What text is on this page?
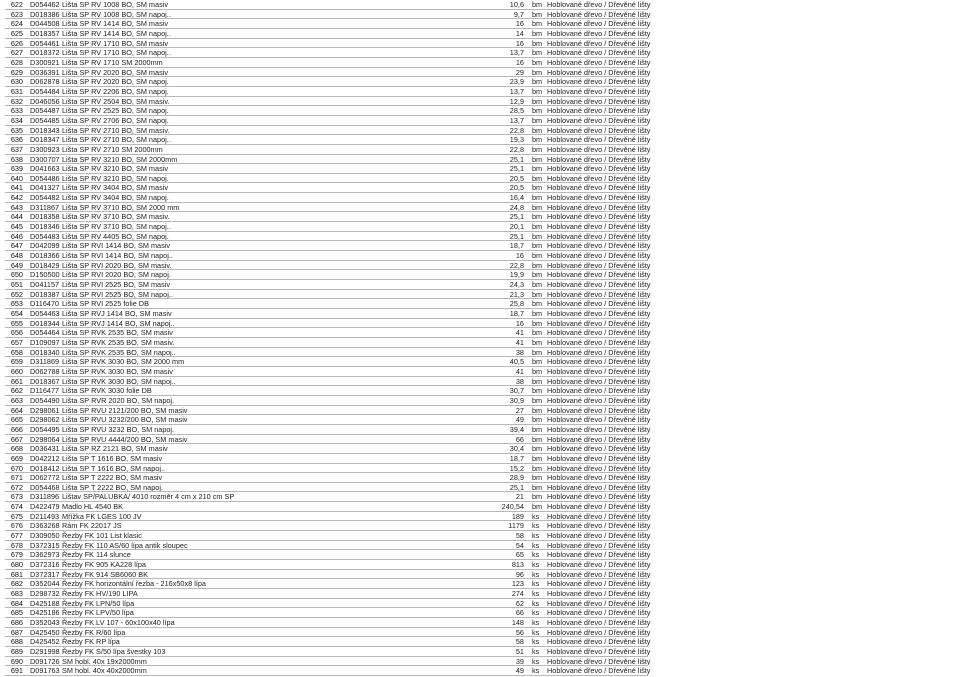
622 D054462 Lišta SP RV 1008 BO, SM masiv	10,6 bm Hoblované dřevo / Dřevěné lišty
623 D018386 Lišta SP RV 1008 BO, SM napoj..	9,7 bm Hoblované dřevo / Dřevěné lišty
624 D044508 Lišta SP RV 1414 BO, SM masiv	16 bm Hoblované dřevo / Dřevěné lišty
625 D018357 Lišta SP RV 1414 BO, SM napoj..	14 bm Hoblované dřevo / Dřevěné lišty
626 D054461 Lišta SP RV 1710 BO, SM masiv	16 bm Hoblované dřevo / Dřevěné lišty
627 D018372 Lišta SP RV 1710 BO, SM napoj..	13,7 bm Hoblované dřevo / Dřevěné lišty
628 D300921 Lišta SP RV 1710 SM 2000mm	16 bm Hoblované dřevo / Dřevěné lišty
629 D036391 Lišta SP RV 2020 BO, SM masiv	29 bm Hoblované dřevo / Dřevěné lišty
630 D062878 Lišta SP RV 2020 BO, SM napoj.	23,9 bm Hoblované dřevo / Dřevěné lišty
631 D054484 Lišta SP RV 2206 BO, SM napoj.	13,7 bm Hoblované dřevo / Dřevěné lišty
632 D046056 Lišta SP RV 2504 BO, SM masiv.	12,9 bm Hoblované dřevo / Dřevěné lišty
633 D054487 Lišta SP RV 2525 BO, SM napoj.	28,5 bm Hoblované dřevo / Dřevěné lišty
634 D054485 Lišta SP RV 2706 BO, SM napoj.	13,7 bm Hoblované dřevo / Dřevěné lišty
635 D018343 Lišta SP RV 2710 BO, SM masiv.	22,8 bm Hoblované dřevo / Dřevěné lišty
636 D018347 Lišta SP RV 2710 BO, SM napoj..	19,3 bm Hoblované dřevo / Dřevěné lišty
637 D300923 Lišta SP RV 2710 SM 2000mm	22,8 bm Hoblované dřevo / Dřevěné lišty
638 D300707 Lišta SP RV 3210 BO, SM 2000mm	25,1 bm Hoblované dřevo / Dřevěné lišty
639 D041663 Lišta SP RV 3210 BO, SM masiv	25,1 bm Hoblované dřevo / Dřevěné lišty
640 D054486 Lišta SP RV 3210 BO, SM napoj.	20,5 bm Hoblované dřevo / Dřevěné lišty
641 D041327 Lišta SP RV 3404 BO, SM masiv	20,5 bm Hoblované dřevo / Dřevěné lišty
642 D054482 Lišta SP RV 3404 BO, SM napoj.	16,4 bm Hoblované dřevo / Dřevěné lišty
643 D311867 Lišta SP RV 3710 BO, SM 2000 mm	24,8 bm Hoblované dřevo / Dřevěné lišty
644 D018358 Lišta SP RV 3710 BO, SM masiv.	25,1 bm Hoblované dřevo / Dřevěné lišty
645 D018346 Lišta SP RV 3710 BO, SM napoj..	20,1 bm Hoblované dřevo / Dřevěné lišty
646 D054483 Lišta SP RV 4405 BO, SM napoj.	25,1 bm Hoblované dřevo / Dřevěné lišty
647 D042099 Lišta SP RVI 1414 BO, SM masiv	18,7 bm Hoblované dřevo / Dřevěné lišty
648 D018366 Lišta SP RVI 1414 BO, SM napoj..	16 bm Hoblované dřevo / Dřevěné lišty
649 D018429 Lišta SP RVI 2020 BO, SM masiv.	22,8 bm Hoblované dřevo / Dřevěné lišty
650 D150500 Lišta SP RVI 2020 BO, SM napoj.	19,9 bm Hoblované dřevo / Dřevěné lišty
651 D041157 Lišta SP RVI 2525 BO, SM masiv	24,3 bm Hoblované dřevo / Dřevěné lišty
652 D018387 Lišta SP RVI 2525 BO, SM napoj..	21,3 bm Hoblované dřevo / Dřevěné lišty
653 D116470 Lišta SP RVI 2525 folie DB	25,8 bm Hoblované dřevo / Dřevěné lišty
654 D054463 Lišta SP RVJ 1414 BO, SM masiv	18,7 bm Hoblované dřevo / Dřevěné lišty
655 D018344 Lišta SP RVJ 1414 BO, SM napoj..	16 bm Hoblované dřevo / Dřevěné lišty
656 D054464 Lišta SP RVK 2535 BO, SM masiv	41 bm Hoblované dřevo / Dřevěné lišty
657 D109097 Lišta SP RVK 2535 BO, SM masiv.	41 bm Hoblované dřevo / Dřevěné lišty
658 D018340 Lišta SP RVK 2535 BO, SM napoj..	38 bm Hoblované dřevo / Dřevěné lišty
659 D311869 Lišta SP RVK 3030 BO, SM 2000 mm	40,5 bm Hoblované dřevo / Dřevěné lišty
660 D062788 Lišta SP RVK 3030 BO, SM masiv	41 bm Hoblované dřevo / Dřevěné lišty
661 D018367 Lišta SP RVK 3030 BO, SM napoj..	38 bm Hoblované dřevo / Dřevěné lišty
662 D116477 Lišta SP RVK 3030 folie DB	30,7 bm Hoblované dřevo / Dřevěné lišty
663 D054490 Lišta SP RVR 2020 BO, SM napoj.	30,9 bm Hoblované dřevo / Dřevěné lišty
664 D298061 Lišta SP RVU 2121/200 BO, SM masiv	27 bm Hoblované dřevo / Dřevěné lišty
665 D298062 Lišta SP RVU 3232/200 BO, SM masiv	49 bm Hoblované dřevo / Dřevěné lišty
666 D054495 Lišta SP RVU 3232 BO, SM napoj.	39,4 bm Hoblované dřevo / Dřevěné lišty
667 D298064 Lišta SP RVU 4444/200 BO, SM masiv	66 bm Hoblované dřevo / Dřevěné lišty
668 D036431 Lišta SP RZ 2121 BO, SM masiv	30,4 bm Hoblované dřevo / Dřevěné lišty
669 D042212 Lišta SP T 1616 BO, SM masiv	18,7 bm Hoblované dřevo / Dřevěné lišty
670 D018412 Lišta SP T 1616 BO, SM napoj..	15,2 bm Hoblované dřevo / Dřevěné lišty
671 D062772 Lišta SP T 2222 BO, SM masiv	28,9 bm Hoblované dřevo / Dřevěné lišty
672 D054468 Lišta SP T 2222 BO, SM napoj.	25,1 bm Hoblované dřevo / Dřevěné lišty
673 D311896 Lištav SP/PALUBKA/ 4010 rozměr 4 cm x 210 cm SP	21 bm Hoblované dřevo / Dřevěné lišty
674 D422479 Madlo HL 4540 BK	240,54 bm Hoblované dřevo / Dřevěné lišty
675 D211493 Mřížka FK LGES 100 JV	189 ks Hoblované dřevo / Dřevěné lišty
676 D363268 Rám FK 22017 JS	1179 ks Hoblované dřevo / Dřevěné lišty
677 D309050 Řezby FK 101 List klasic	58 ks Hoblované dřevo / Dřevěné lišty
678 D372315 Řezby FK 110 AS/60 lípa antik sloupec	54 ks Hoblované dřevo / Dřevěné lišty
679 D362973 Řezby FK 114 slunce	65 ks Hoblované dřevo / Dřevěné lišty
680 D372316 Řezby FK 905 KA228 lípa	813 ks Hoblované dřevo / Dřevěné lišty
681 D372317 Řezby FK 914 SB6060 BK	96 ks Hoblované dřevo / Dřevěné lišty
682 D352044 Řezby FK horizontální řezba - 216x50x8 lípa	123 ks Hoblované dřevo / Dřevěné lišty
683 D298732 Řezby FK HV/190 LIPA	274 ks Hoblované dřevo / Dřevěné lišty
684 D425188 Řezby FK LPN/50 lípa	62 ks Hoblované dřevo / Dřevěné lišty
685 D425186 Řezby FK LPV/50 lípa	66 ks Hoblované dřevo / Dřevěné lišty
686 D352043 Řezby FK LV 107 - 60x100x40 lípa	148 ks Hoblované dřevo / Dřevěné lišty
687 D425450 Řezby FK R/60 lípa	56 ks Hoblované dřevo / Dřevěné lišty
688 D425452 Řezby FK RP lípa	58 ks Hoblované dřevo / Dřevěné lišty
689 D291998 Řezby FK S/50 lípa švestky 103	51 ks Hoblované dřevo / Dřevěné lišty
690 D091726 SM hobl. 40x 19x2000mm	39 ks Hoblované dřevo / Dřevěné lišty
691 D091763 SM hobl. 40x 40x2000mm	49 ks Hoblované dřevo / Dřevěné lišty
